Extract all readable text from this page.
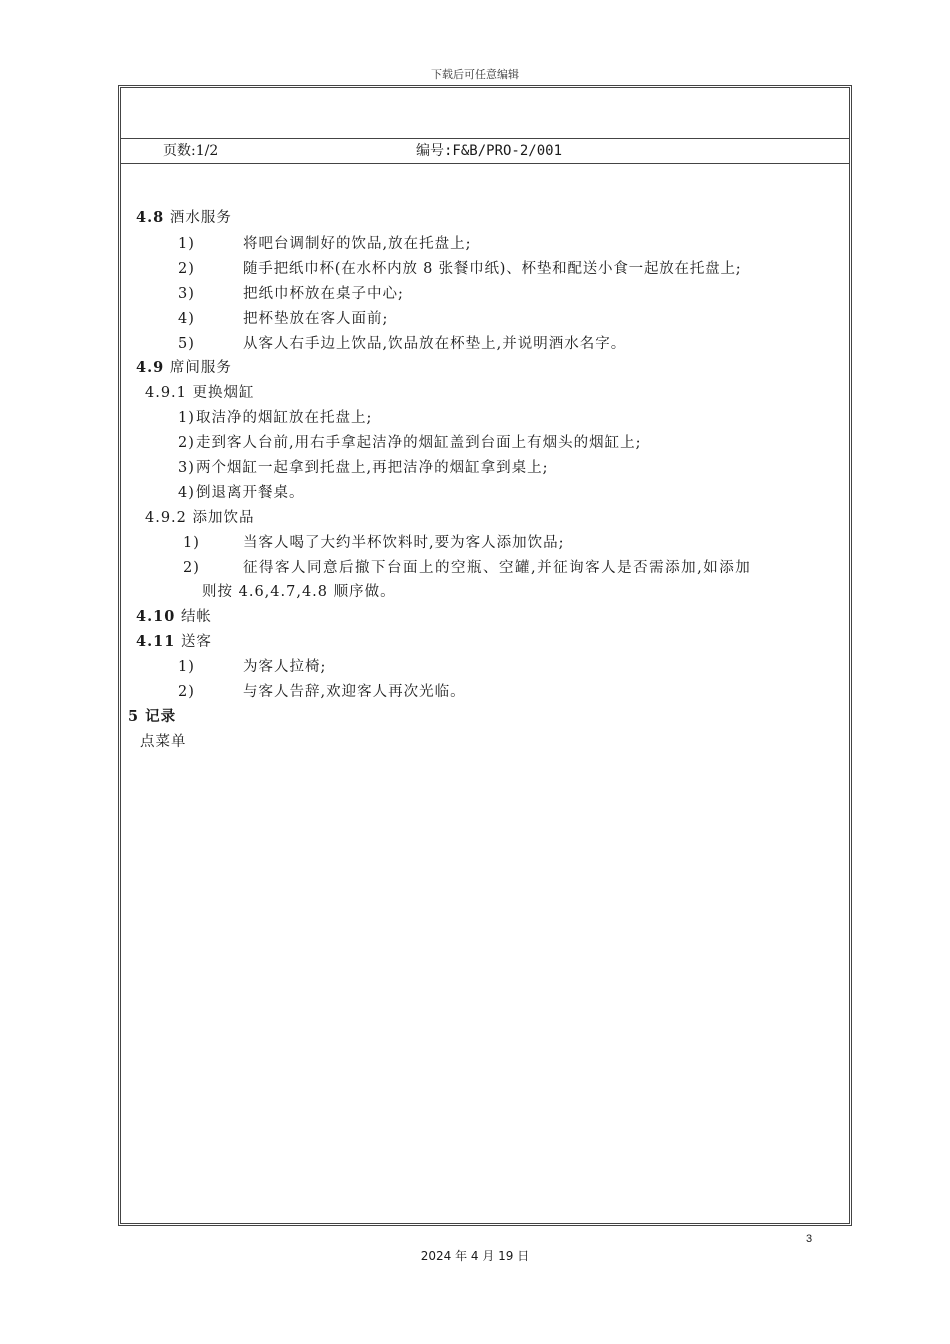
下载后可任意编辑
页数:1/2	编号:F&B/PRO-2/001
4.8 酒水服务
1)	将吧台调制好的饮品,放在托盘上;
2)	随手把纸巾杯(在水杯内放 8 张餐巾纸)、杯垫和配送小食一起放在托盘上;
3)	把纸巾杯放在桌子中心;
4)	把杯垫放在客人面前;
5)	从客人右手边上饮品,饮品放在杯垫上,并说明酒水名字。
4.9 席间服务
4.9.1 更换烟缸
1) 取洁净的烟缸放在托盘上;
2) 走到客人台前,用右手拿起洁净的烟缸盖到台面上有烟头的烟缸上;
3) 两个烟缸一起拿到托盘上,再把洁净的烟缸拿到桌上;
4) 倒退离开餐桌。
4.9.2 添加饮品
1)	当客人喝了大约半杯饮料时,要为客人添加饮品;
2)	征得客人同意后撤下台面上的空瓶、空罐,并征询客人是否需添加,如添加
则按 4.6,4.7,4.8 顺序做。
4.10 结帐
4.11 送客
1)	为客人拉椅;
2)	与客人告辞,欢迎客人再次光临。
5 记录
点菜单
3
2024 年 4 月 19 日
